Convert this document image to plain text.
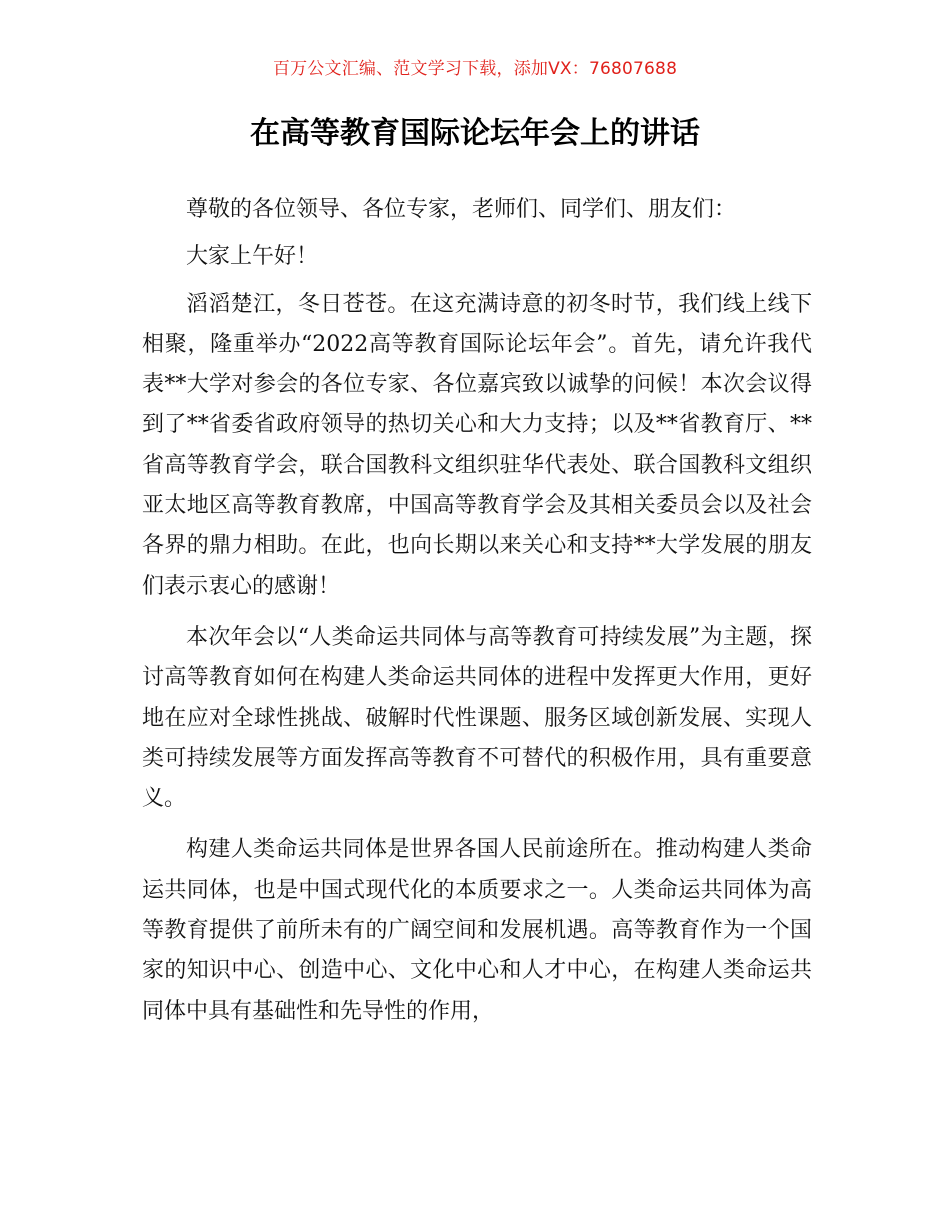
百万公文汇编、范文学习下载，添加VX：76807688
在高等教育国际论坛年会上的讲话

尊敬的各位领导、各位专家，老师们、同学们、朋友们：

大家上午好！

滔滔楚江，冬日苍苍。在这充满诗意的初冬时节，我们线上线下相聚，隆重举办“2022高等教育国际论坛年会”。首先，请允许我代表**大学对参会的各位专家、各位嘉宾致以诚挚的问候！本次会议得到了**省委省政府领导的热切关心和大力支持；以及**省教育厅、**省高等教育学会，联合国教科文组织驻华代表处、联合国教科文组织亚太地区高等教育教席，中国高等教育学会及其相关委员会以及社会各界的鼎力相助。在此，也向长期以来关心和支持**大学发展的朋友们表示衷心的感谢！

本次年会以“人类命运共同体与高等教育可持续发展”为主题，探讨高等教育如何在构建人类命运共同体的进程中发挥更大作用，更好地在应对全球性挑战、破解时代性课题、服务区域创新发展、实现人类可持续发展等方面发挥高等教育不可替代的积极作用，具有重要意义。

构建人类命运共同体是世界各国人民前途所在。推动构建人类命运共同体，也是中国式现代化的本质要求之一。人类命运共同体为高等教育提供了前所未有的广阔空间和发展机遇。高等教育作为一个国家的知识中心、创造中心、文化中心和人才中心，在构建人类命运共同体中具有基础性和先导性的作用，
